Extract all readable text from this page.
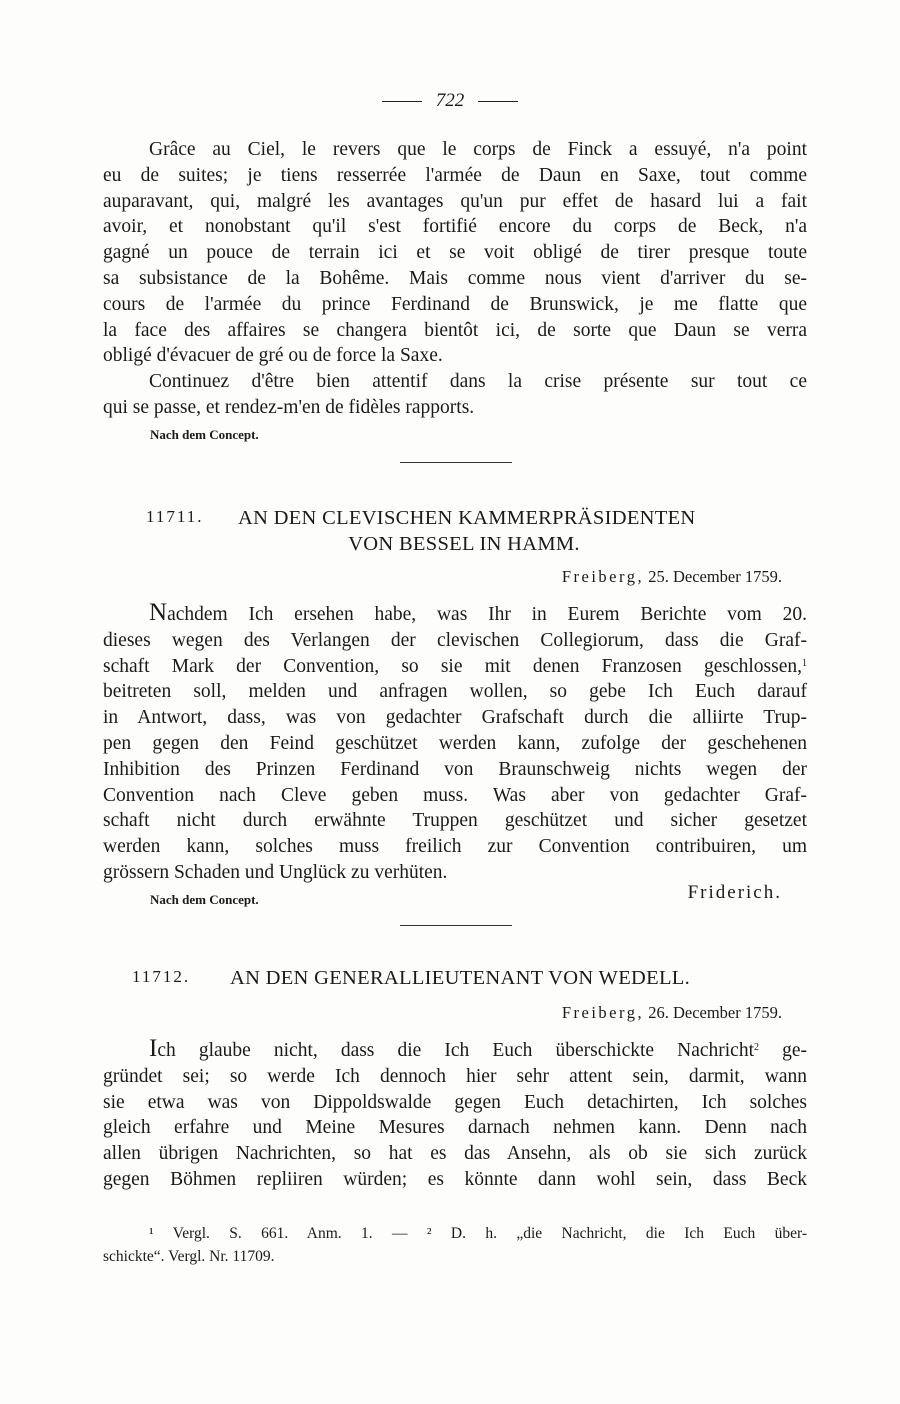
722
Grâce au Ciel, le revers que le corps de Finck a essuyé, n'a point
eu de suites; je tiens resserrée l'armée de Daun en Saxe, tout comme
auparavant, qui, malgré les avantages qu'un pur effet de hasard lui a fait
avoir, et nonobstant qu'il s'est fortifié encore du corps de Beck, n'a
gagné un pouce de terrain ici et se voit obligé de tirer presque toute
sa subsistance de la Bohême. Mais comme nous vient d'arriver du se-
cours de l'armée du prince Ferdinand de Brunswick, je me flatte que
la face des affaires se changera bientôt ici, de sorte que Daun se verra
obligé d'évacuer de gré ou de force la Saxe.
Continuez d'être bien attentif dans la crise présente sur tout ce
qui se passe, et rendez-m'en de fidèles rapports.
Nach dem Concept.
11711. AN DEN CLEVISCHEN KAMMERPRÄSIDENTEN
VON BESSEL IN HAMM.
Freiberg, 25. December 1759.
Nachdem Ich ersehen habe, was Ihr in Eurem Berichte vom 20.
dieses wegen des Verlangen der clevischen Collegiorum, dass die Graf-
schaft Mark der Convention, so sie mit denen Franzosen geschlossen,$^1$
beitreten soll, melden und anfragen wollen, so gebe Ich Euch darauf
in Antwort, dass, was von gedachter Grafschaft durch die alliirte Trup-
pen gegen den Feind geschützet werden kann, zufolge der geschehenen
Inhibition des Prinzen Ferdinand von Braunschweig nichts wegen der
Convention nach Cleve geben muss. Was aber von gedachter Graf-
schaft nicht durch erwähnte Truppen geschützet und sicher gesetzet
werden kann, solches muss freilich zur Convention contribuiren, um
grössern Schaden und Unglück zu verhüten.
Nach dem Concept.	Friderich.
11712. AN DEN GENERALLIEUTENANT VON WEDELL.
Freiberg, 26. December 1759.
Ich glaube nicht, dass die Ich Euch überschickte Nachricht$^2$ ge-
gründet sei; so werde Ich dennoch hier sehr attent sein, darmit, wann
sie etwa was von Dippoldswalde gegen Euch detachirten, Ich solches
gleich erfahre und Meine Mesures darnach nehmen kann. Denn nach
allen übrigen Nachrichten, so hat es das Ansehn, als ob sie sich zurück
gegen Böhmen repliiren würden; es könnte dann wohl sein, dass Beck
¹ Vergl. S. 661. Anm. 1. — ² D. h. „die Nachricht, die Ich Euch über-
schickte“. Vergl. Nr. 11709.
